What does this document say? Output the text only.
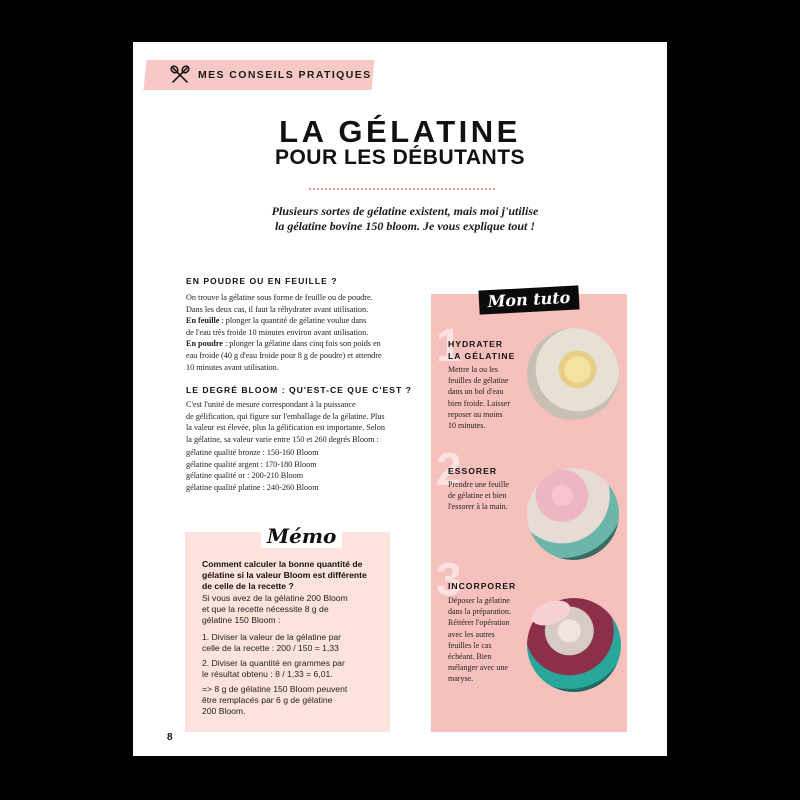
MES CONSEILS PRATIQUES
LA GÉLATINE
POUR LES DÉBUTANTS

Plusieurs sortes de gélatine existent, mais moi j'utilise
la gélatine bovine 150 bloom. Je vous explique tout !

EN POUDRE OU EN FEUILLE ?

On trouve la gélatine sous forme de feuille ou de poudre.

Dans les deux cas, il faut la réhydrater avant utilisation.

En feuille : plonger la quantité de gélatine voulue dans

de l'eau très froide 10 minutes environ avant utilisation.

En poudre : plonger la gélatine dans cinq fois son poids en

eau froide (40 g d'eau froide pour 8 g de poudre) et attendre

10 minutes avant utilisation.

LE DEGRÉ BLOOM : QU'EST-CE QUE C'EST ?

C'est l'unité de mesure correspondant à la puissance

de gélification, qui figure sur l'emballage de la gélatine. Plus

la valeur est élevée, plus la gélification est importante. Selon

la gélatine, sa valeur varie entre 150 et 260 degrés Bloom :

gélatine qualité bronze : 150-160 Bloom

gélatine qualité argent : 170-180 Bloom

gélatine qualité or : 200-210 Bloom

gélatine qualité platine : 240-260 Bloom

Mémo

Comment calculer la bonne quantité de
gélatine si la valeur Bloom est différente
de celle de la recette ?

Si vous avez de la gélatine 200 Bloom
et que la recette nécessite 8 g de
gélatine 150 Bloom :

1. Diviser la valeur de la gélatine par
celle de la recette : 200 / 150 = 1,33

2. Diviser la quantité en grammes par
le résultat obtenu : 8 / 1,33 = 6,01.

=> 8 g de gélatine 150 Bloom peuvent
être remplacés par 6 g de gélatine
200 Bloom.

Mon tuto
1

HYDRATER
LA GÉLATINE

Mettre la ou les
feuilles de gélatine
dans un bol d'eau
bien froide. Laisser
reposer au moins
10 minutes.

2

ESSORER

Prendre une feuille
de gélatine et bien
l'essorer à la main.

3

INCORPORER

Déposer la gélatine
dans la préparation.
Réitérer l'opération
avec les autres
feuilles le cas
échéant. Bien
mélanger avec une
maryse.

8
